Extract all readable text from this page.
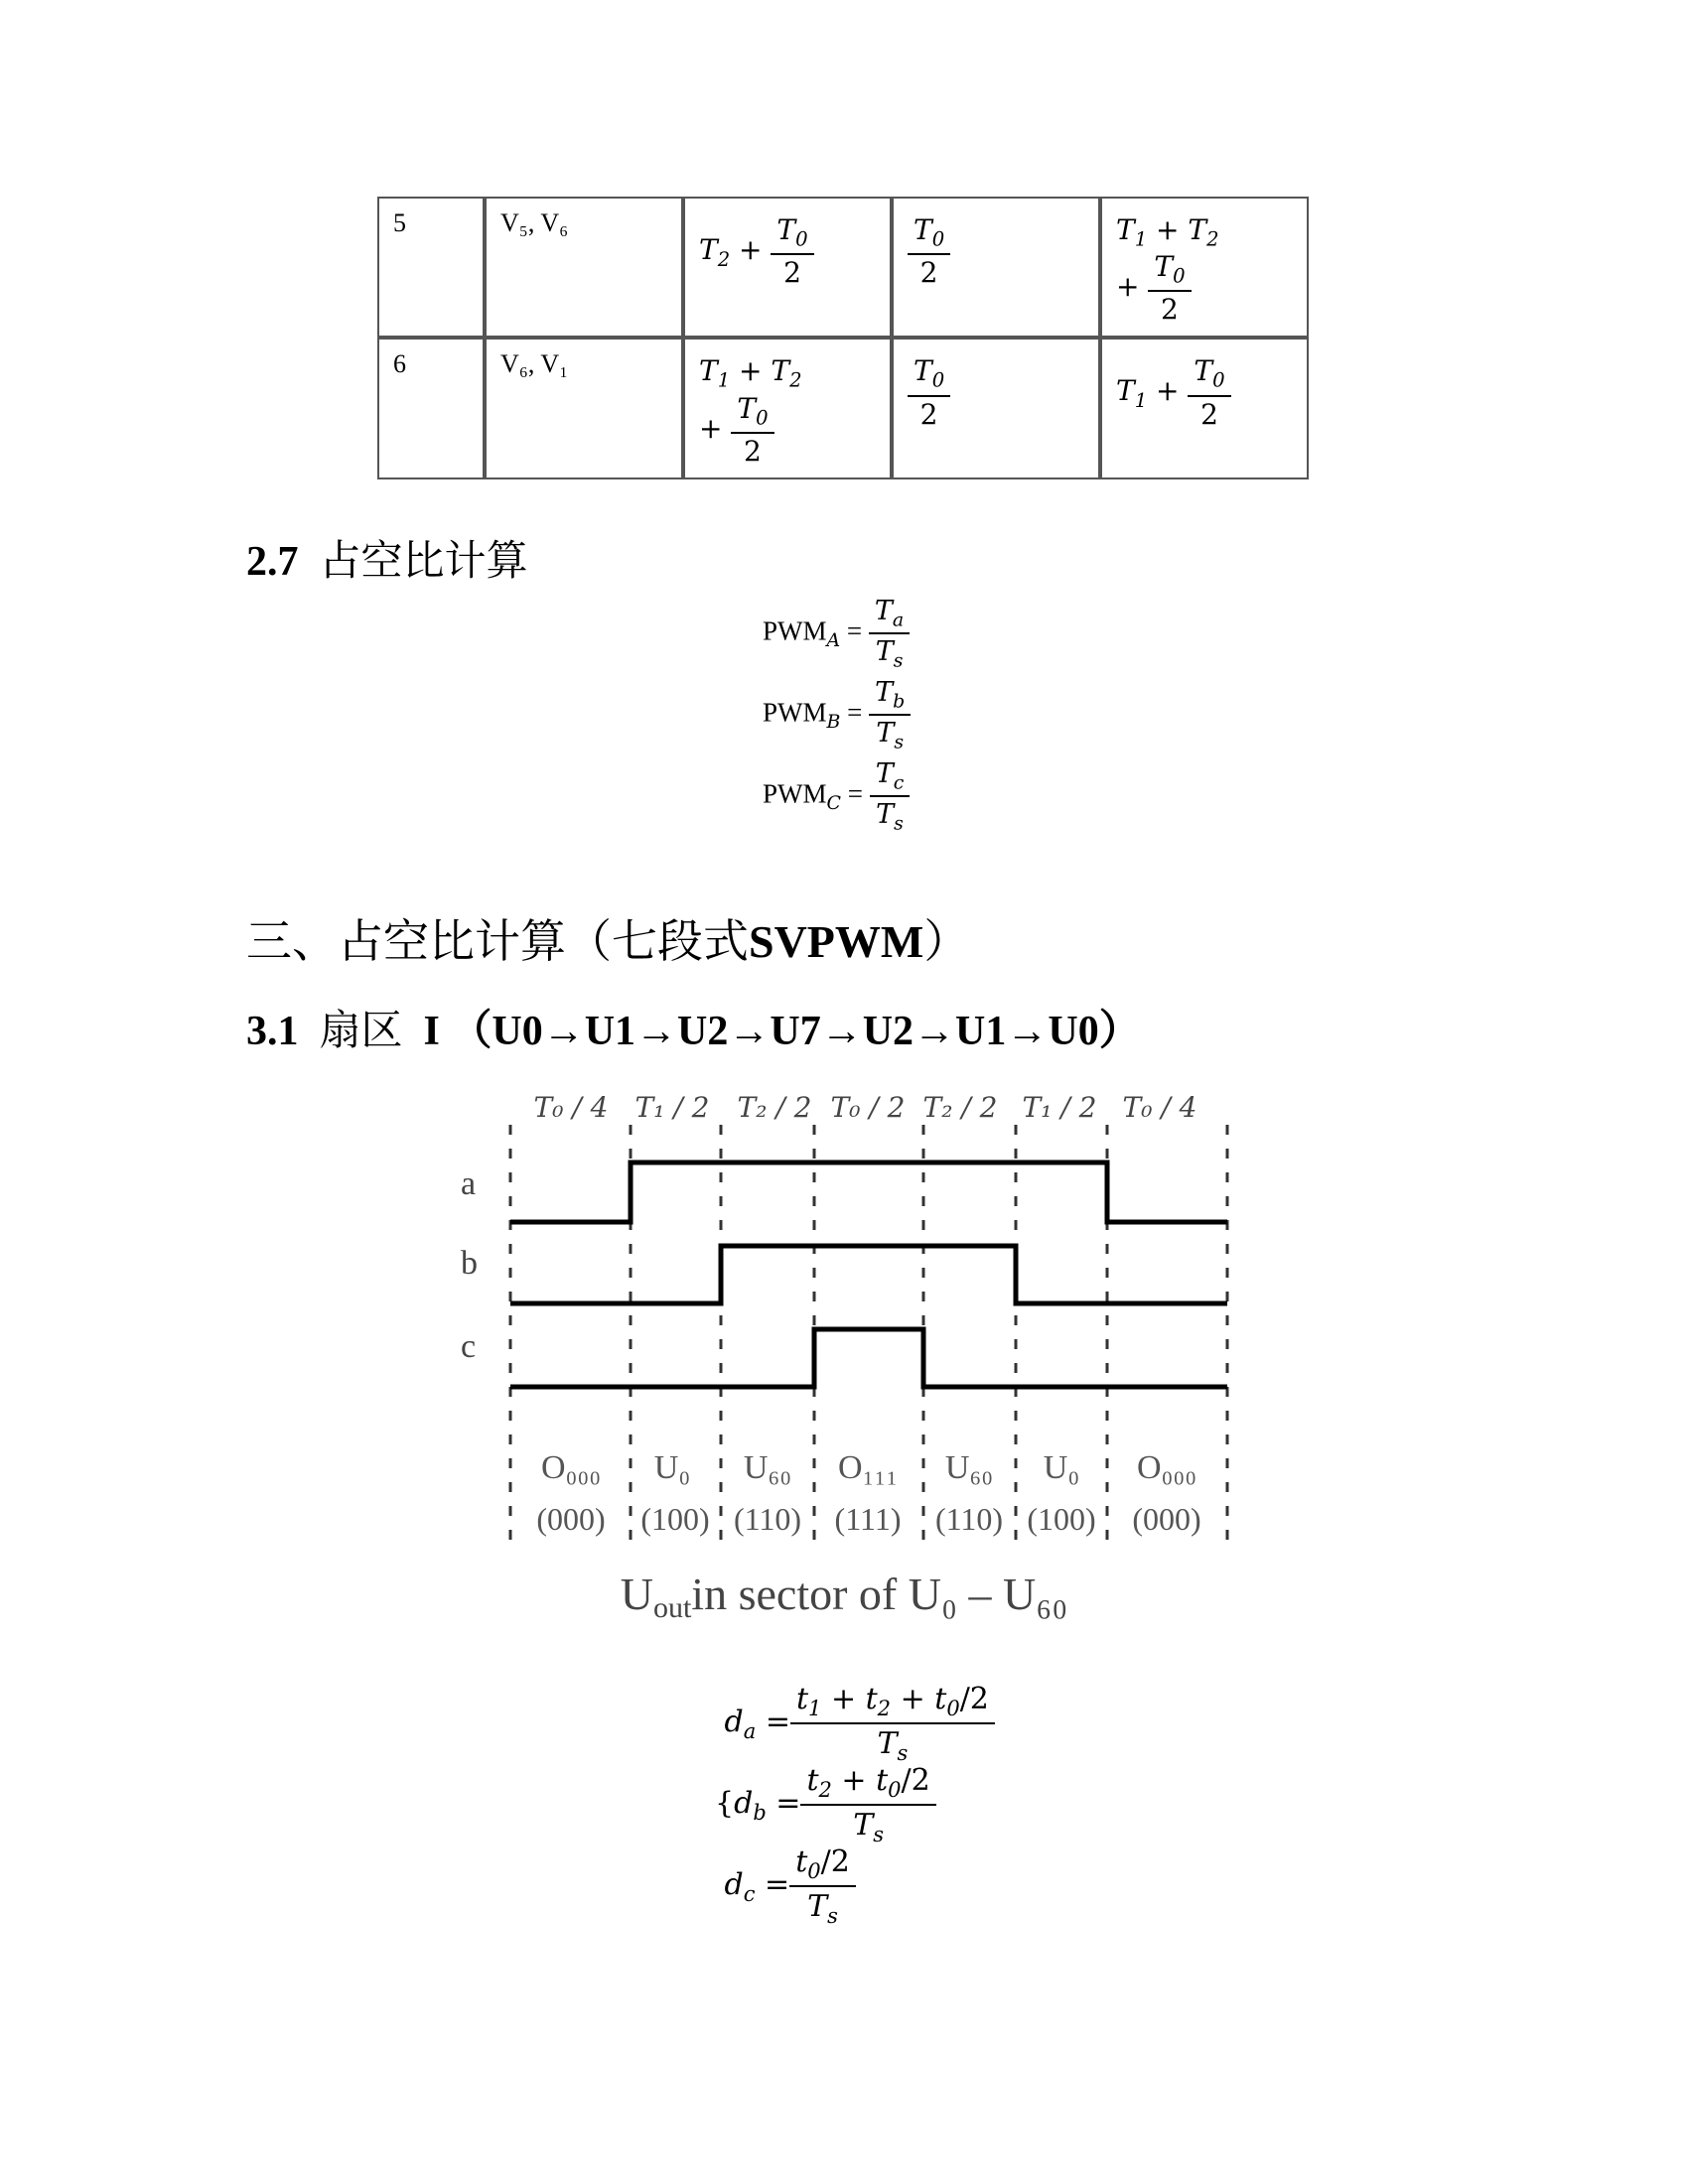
5	V₅, V₆	$T_2 + \frac{T_0}{2}$	$\frac{T_0}{2}$	$T_1 + T_2$
+ $\frac{T_0}{2}$

6	V₆, V₁	$T_1 + T_2$
+ $\frac{T_0}{2}$	$\frac{T_0}{2}$	$T_1 + \frac{T_0}{2}$
2.7 占空比计算
$PWM_A = \frac{T_a}{T_s}$
$PWM_B = \frac{T_b}{T_s}$
$PWM_C = \frac{T_c}{T_s}$
三、占空比计算（七段式SVPWM）
3.1 扇区 I （U0→U1→U2→U7→U2→U1→U0）
T₀ / 4 T₁ / 2 T₂ / 2 T₀ / 2 T₂ / 2 T₁ / 2 T₀ / 4
a
b
c
O₀₀₀ U₀ U₆₀ O₁₁₁ U₆₀ U₀ O₀₀₀
(000) (100) (110) (111) (110) (100) (000)
Uoutin sector of U₀ – U₆₀
$d_a = \frac{t_1 + t_2 + t_0/2}{T_s}$
{$d_b = \frac{t_2 + t_0/2}{T_s}$
$d_c = \frac{t_0/2}{T_s}$
